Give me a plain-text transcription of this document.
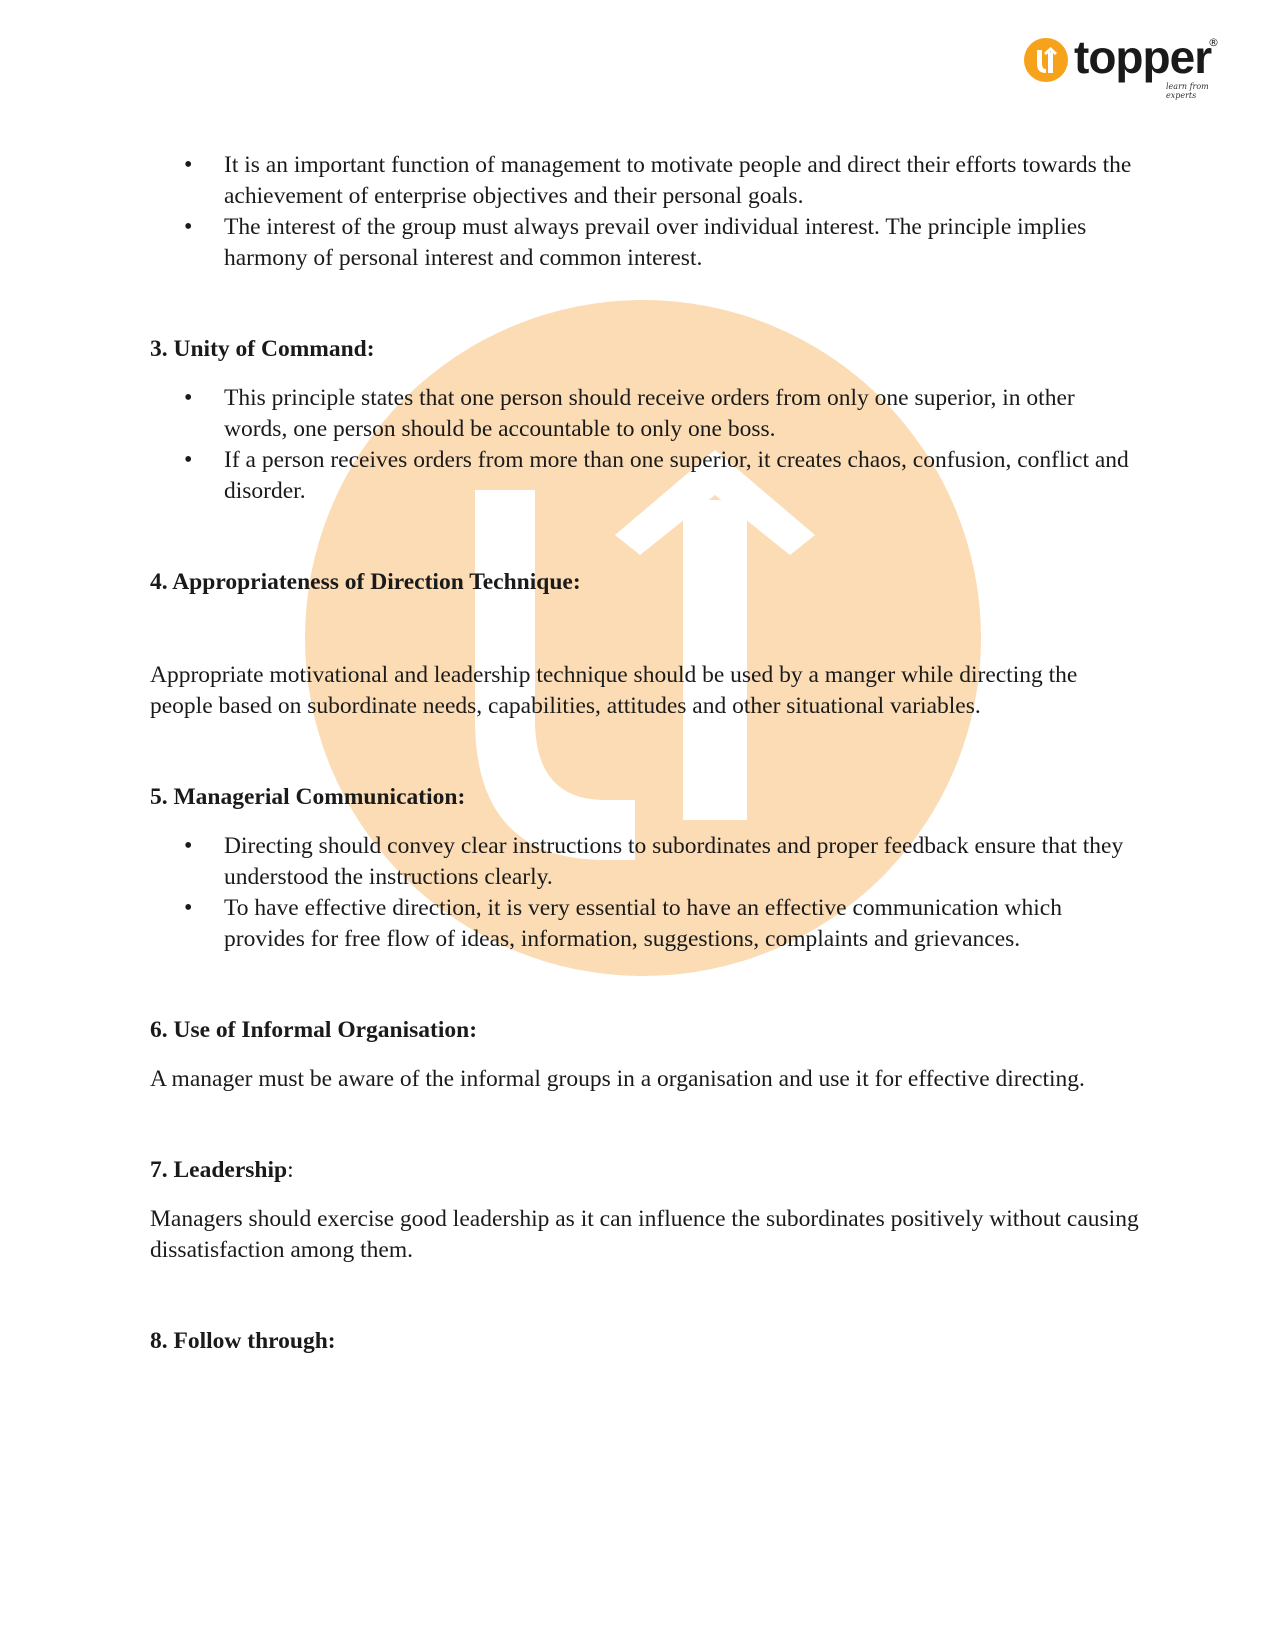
topper
®
learn from experts
• It is an important function of management to motivate people and direct their efforts towards the achievement of enterprise objectives and their personal goals.
• The interest of the group must always prevail over individual interest. The principle implies harmony of personal interest and common interest.
3. Unity of Command:
• This principle states that one person should receive orders from only one superior, in other words, one person should be accountable to only one boss.
• If a person receives orders from more than one superior, it creates chaos, confusion, conflict and disorder.
4. Appropriateness of Direction Technique:

Appropriate motivational and leadership technique should be used by a manger while directing the people based on subordinate needs, capabilities, attitudes and other situational variables.

5. Managerial Communication:
• Directing should convey clear instructions to subordinates and proper feedback ensure that they understood the instructions clearly.
• To have effective direction, it is very essential to have an effective communication which provides for free flow of ideas, information, suggestions, complaints and grievances.
6. Use of Informal Organisation:

A manager must be aware of the informal groups in a organisation and use it for effective directing.

7. Leadership:

Managers should exercise good leadership as it can influence the subordinates positively without causing dissatisfaction among them.

8. Follow through:
